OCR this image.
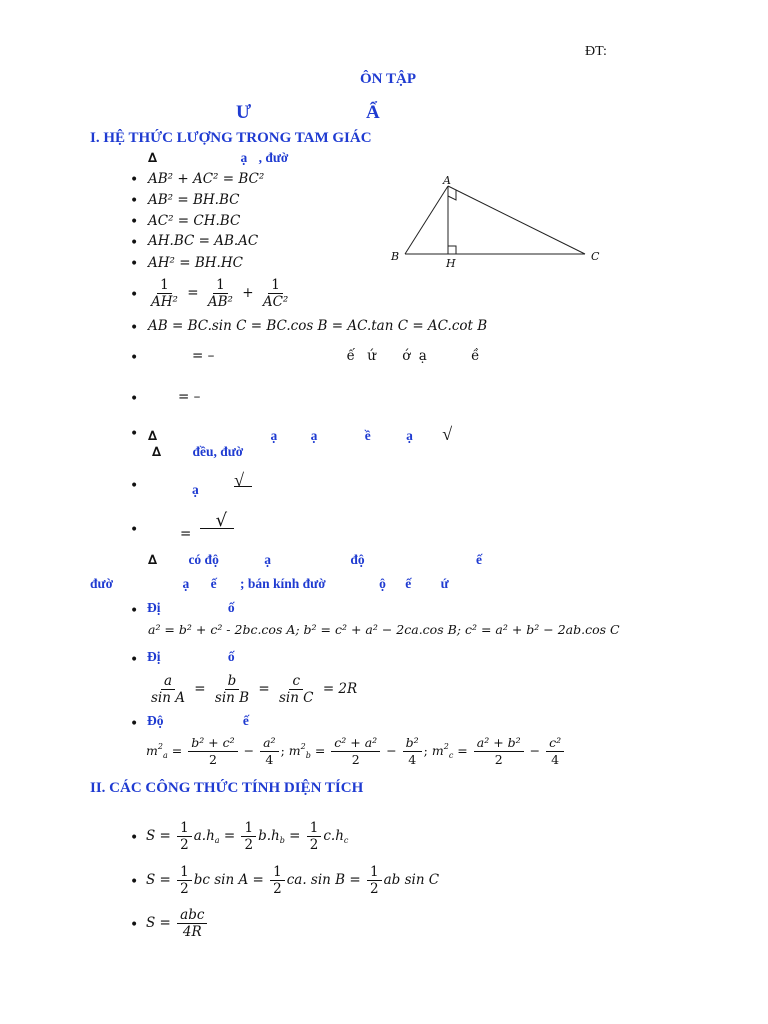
ĐT:
ÔN TẬP
Ư	Ẩ
I. HỆ THỨC LƯỢNG TRONG TAM GIÁC
∆	ạ , đườ
• AB² + AC² = BC²
• AB² = BH.BC
• AC² = CH.BC
• AH.BC = AB.AC
• AH² = BH.HC
A
B
H
C
• $\frac{1}{\text{AH²}} = \frac{1}{\text{AB²}} + \frac{1}{\text{AC²}}$
• AB = BC.sin C = BC.cos B = AC.tan C = AC.cot B
•	= –	ế ứ ớ ạ	ề
•	= –
• ∆	ạ ạ	ề	ạ √
∆ đều, đườ
•	ạ √
•	= √
∆ có độ	ạ	độ	ế
đườ	ạ ế ; bán kính đườ	ộ ế ứ
• Đị	ố
a² = b² + c² - 2bc.cos A; b² = c² + a² − 2ca.cos B; c² = a² + b² − 2ab.cos C
• Đị	ố
$\frac{a}{\text{sin A}} = \frac{b}{\text{sin B}} = \frac{c}{\text{sin C}} = 2R$
• Độ	ế
$m^2_a = \frac{\text{b² + c²}}{2} - \frac{\text{a²}}{4}$ ; $m^2_b = \frac{\text{c² + a²}}{2} - \frac{\text{b²}}{4}$ ; $m^2_c = \frac{\text{a² + b²}}{2} - \frac{\text{c²}}{4}$
II. CÁC CÔNG THỨC TÍNH DIỆN TÍCH
• $S = \frac{1}{2} a.h_a = \frac{1}{2} b.h_b = \frac{1}{2} c.h_c$
• $S = \frac{1}{2}$ bc $\sin A = \frac{1}{2}$ ca. $\sin B = \frac{1}{2}$ ab sin C
• $S = \frac{\text{abc}}{4R}$
